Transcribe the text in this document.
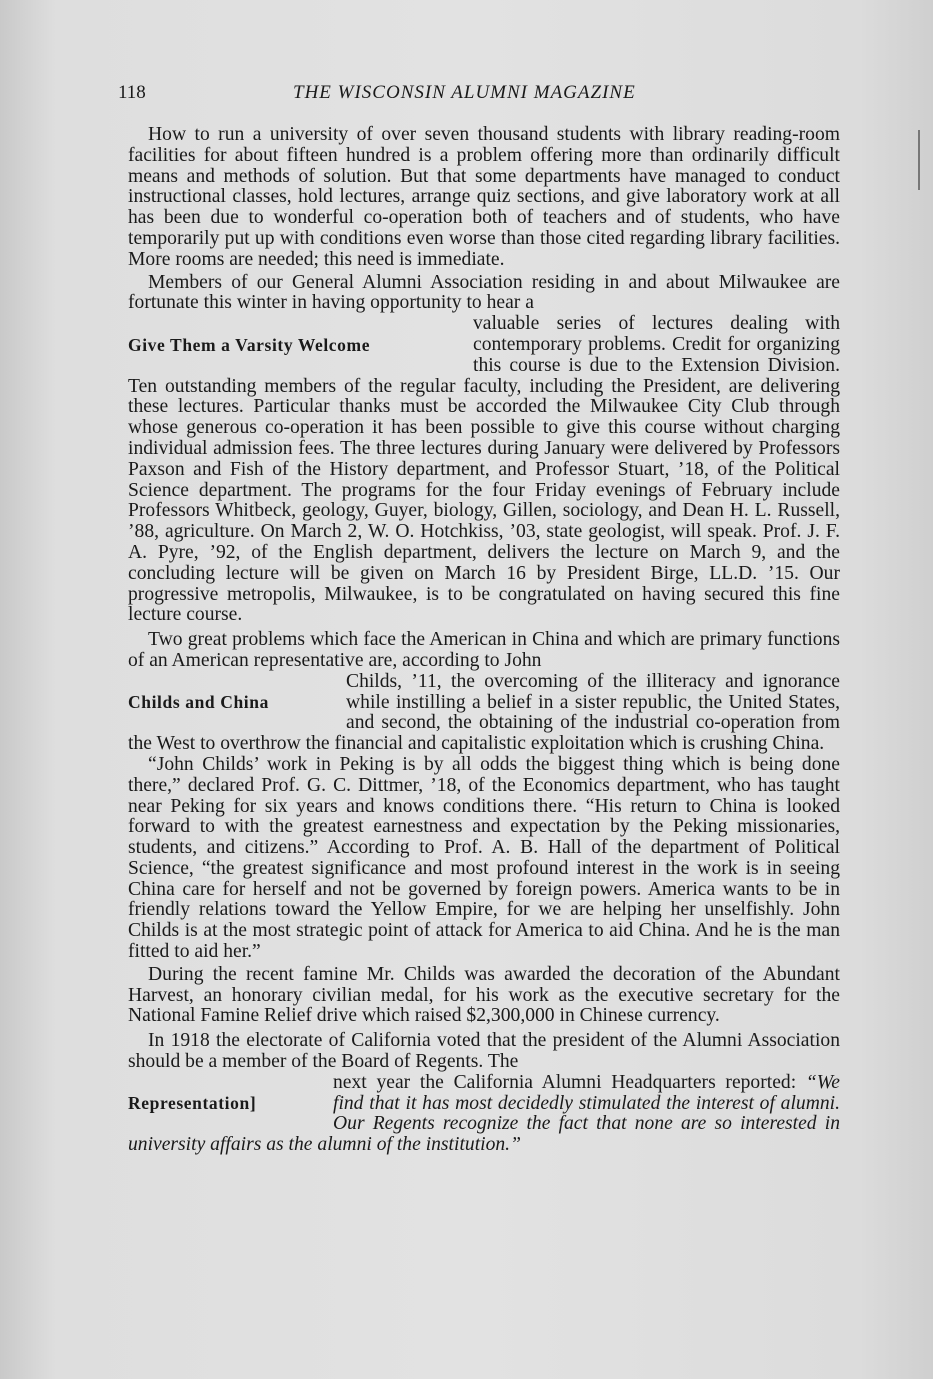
118	THE WISCONSIN ALUMNI MAGAZINE

How to run a university of over seven thousand students with library reading-room facilities for about fifteen hundred is a problem offering more than ordinarily difficult means and methods of solution. But that some departments have managed to conduct instructional classes, hold lectures, arrange quiz sections, and give laboratory work at all has been due to wonderful co-operation both of teachers and of students, who have temporarily put up with conditions even worse than those cited regarding library facilities. More rooms are needed; this need is immediate.

Members of our General Alumni Association residing in and about Milwaukee are fortunate this winter in having opportunity to hear a

Give Them a Varsity Welcome
valuable series of lectures dealing with contemporary problems. Credit for organizing this course is due to the Extension Division. Ten outstanding members of the regular faculty, including the President, are delivering these lectures. Particular thanks must be accorded the Milwaukee City Club through whose generous co-operation it has been possible to give this course without charging individual admission fees. The three lectures during January were delivered by Professors Paxson and Fish of the History department, and Professor Stuart, ’18, of the Political Science department. The programs for the four Friday evenings of February include Professors Whitbeck, geology, Guyer, biology, Gillen, sociology, and Dean H. L. Russell, ’88, agriculture. On March 2, W. O. Hotchkiss, ’03, state geologist, will speak. Prof. J. F. A. Pyre, ’92, of the English department, delivers the lecture on March 9, and the concluding lecture will be given on March 16 by President Birge, LL.D. ’15. Our progressive metropolis, Milwaukee, is to be congratulated on having secured this fine lecture course.

Two great problems which face the American in China and which are primary functions of an American representative are, according to John

Childs and China
Childs, ’11, the overcoming of the illiteracy and ignorance while instilling a belief in a sister republic, the United States, and second, the obtaining of the industrial co-operation from the West to overthrow the financial and capitalistic exploitation which is crushing China.

“John Childs’ work in Peking is by all odds the biggest thing which is being done there,” declared Prof. G. C. Dittmer, ’18, of the Economics department, who has taught near Peking for six years and knows conditions there. “His return to China is looked forward to with the greatest earnestness and expectation by the Peking missionaries, students, and citizens.” According to Prof. A. B. Hall of the department of Political Science, “the greatest significance and most profound interest in the work is in seeing China care for herself and not be governed by foreign powers. America wants to be in friendly relations toward the Yellow Empire, for we are helping her unselfishly. John Childs is at the most strategic point of attack for America to aid China. And he is the man fitted to aid her.”

During the recent famine Mr. Childs was awarded the decoration of the Abundant Harvest, an honorary civilian medal, for his work as the executive secretary for the National Famine Relief drive which raised $2,300,000 in Chinese currency.

In 1918 the electorate of California voted that the president of the Alumni Association should be a member of the Board of Regents. The

Representation]
next year the California Alumni Headquarters reported: “We find that it has most decidedly stimulated the interest of alumni. Our Regents recognize the fact that none are so interested in university affairs as the alumni of the institution.”
